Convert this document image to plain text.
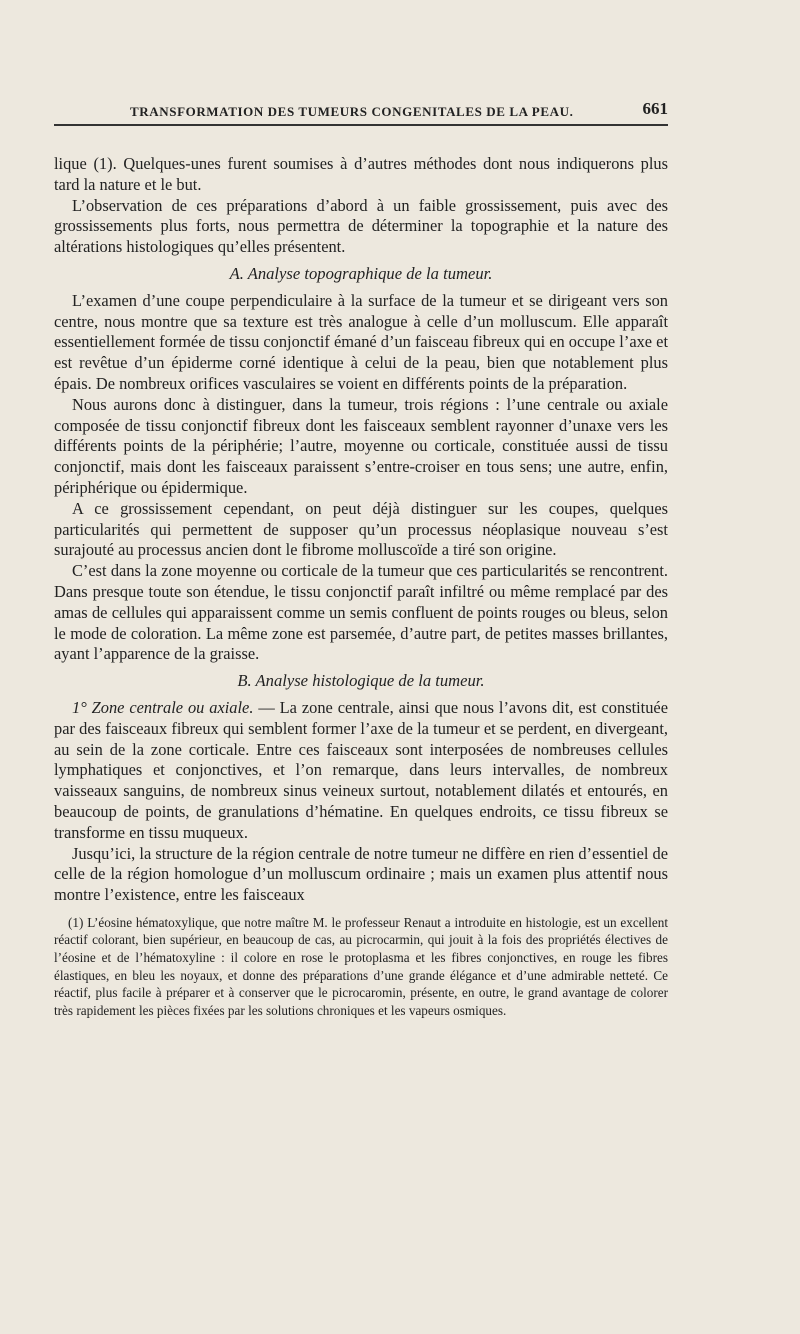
TRANSFORMATION DES TUMEURS CONGENITALES DE LA PEAU.	661

lique (1). Quelques-unes furent soumises à d’autres méthodes dont nous indiquerons plus tard la nature et le but.

L’observation de ces préparations d’abord à un faible grossissement, puis avec des grossissements plus forts, nous permettra de déterminer la topographie et la nature des altérations histologiques qu’elles présentent.

A. Analyse topographique de la tumeur.

L’examen d’une coupe perpendiculaire à la surface de la tumeur et se dirigeant vers son centre, nous montre que sa texture est très analogue à celle d’un molluscum. Elle apparaît essentiellement formée de tissu conjonctif émané d’un faisceau fibreux qui en occupe l’axe et est revêtue d’un épiderme corné identique à celui de la peau, bien que notablement plus épais. De nombreux orifices vasculaires se voient en différents points de la préparation.

Nous aurons donc à distinguer, dans la tumeur, trois régions : l’une centrale ou axiale composée de tissu conjonctif fibreux dont les faisceaux semblent rayonner d’unaxe vers les différents points de la périphérie; l’autre, moyenne ou corticale, constituée aussi de tissu conjonctif, mais dont les faisceaux paraissent s’entre-croiser en tous sens; une autre, enfin, périphérique ou épidermique.

A ce grossissement cependant, on peut déjà distinguer sur les coupes, quelques particularités qui permettent de supposer qu’un processus néoplasique nouveau s’est surajouté au processus ancien dont le fibrome molluscoïde a tiré son origine.

C’est dans la zone moyenne ou corticale de la tumeur que ces particularités se rencontrent. Dans presque toute son étendue, le tissu conjonctif paraît infiltré ou même remplacé par des amas de cellules qui apparaissent comme un semis confluent de points rouges ou bleus, selon le mode de coloration. La même zone est parsemée, d’autre part, de petites masses brillantes, ayant l’apparence de la graisse.

B. Analyse histologique de la tumeur.

1° Zone centrale ou axiale. — La zone centrale, ainsi que nous l’avons dit, est constituée par des faisceaux fibreux qui semblent former l’axe de la tumeur et se perdent, en divergeant, au sein de la zone corticale. Entre ces faisceaux sont interposées de nombreuses cellules lymphatiques et conjonctives, et l’on remarque, dans leurs intervalles, de nombreux vaisseaux sanguins, de nombreux sinus veineux surtout, notablement dilatés et entourés, en beaucoup de points, de granulations d’hématine. En quelques endroits, ce tissu fibreux se transforme en tissu muqueux.

Jusqu’ici, la structure de la région centrale de notre tumeur ne diffère en rien d’essentiel de celle de la région homologue d’un molluscum ordinaire ; mais un examen plus attentif nous montre l’existence, entre les faisceaux

(1) L’éosine hématoxylique, que notre maître M. le professeur Renaut a introduite en histologie, est un excellent réactif colorant, bien supérieur, en beaucoup de cas, au picrocarmin, qui jouit à la fois des propriétés électives de l’éosine et de l’hématoxyline : il colore en rose le protoplasma et les fibres conjonctives, en rouge les fibres élastiques, en bleu les noyaux, et donne des préparations d’une grande élégance et d’une admirable netteté. Ce réactif, plus facile à préparer et à conserver que le picrocaromin, présente, en outre, le grand avantage de colorer très rapidement les pièces fixées par les solutions chroniques et les vapeurs osmiques.
